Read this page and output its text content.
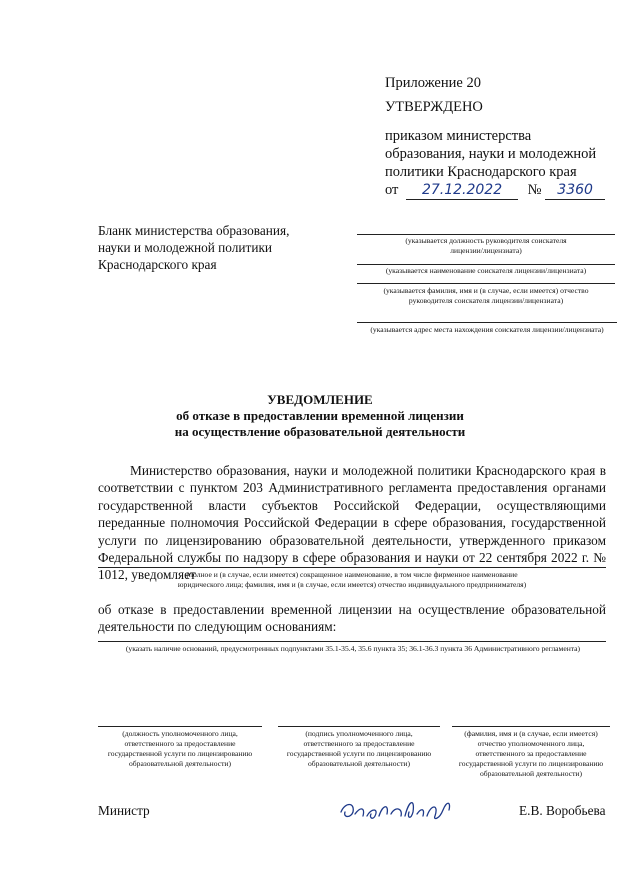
Приложение 20
УТВЕРЖДЕНО
приказом министерства
образования, науки и молодежной
политики Краснодарского края
от 27.12.2022 № 3360
Бланк министерства образования,
науки и молодежной политики
Краснодарского края
(указывается должность руководителя соискателя
лицензии/лицензиата)
(указывается наименование соискателя лицензии/лицензиата)
(указывается фамилия, имя и (в случае, если имеется) отчество
руководителя соискателя лицензии/лицензиата)
(указывается адрес места нахождения соискателя лицензии/лицензиата)
УВЕДОМЛЕНИЕ
об отказе в предоставлении временной лицензии
на осуществление образовательной деятельности
Министерство образования, науки и молодежной политики Краснодарского края в соответствии с пунктом 203 Административного регламента предоставления органами государственной власти субъектов Российской Федерации, осуществляющими переданные полномочия Российской Федерации в сфере образования, государственной услуги по лицензированию образовательной деятельности, утвержденного приказом Федеральной службы по надзору в сфере образования и науки от 22 сентября 2022 г. № 1012, уведомляет
(полное и (в случае, если имеется) сокращенное наименование, в том числе фирменное наименование
юридического лица; фамилия, имя и (в случае, если имеется) отчество индивидуального предпринимателя)
об отказе в предоставлении временной лицензии на осуществление образовательной деятельности по следующим основаниям:
(указать наличие оснований, предусмотренных подпунктами 35.1-35.4, 35.6 пункта 35; 36.1-36.3 пункта 36 Административного регламента)
(должность уполномоченного лица,
ответственного за предоставление
государственной услуги по лицензированию
образовательной деятельности)
(подпись уполномоченного лица,
ответственного за предоставление
государственной услуги по лицензированию
образовательной деятельности)
(фамилия, имя и (в случае, если имеется)
отчество уполномоченного лица,
ответственного за предоставление
государственной услуги по лицензированию
образовательной деятельности)
Министр	Е.В. Воробьева
